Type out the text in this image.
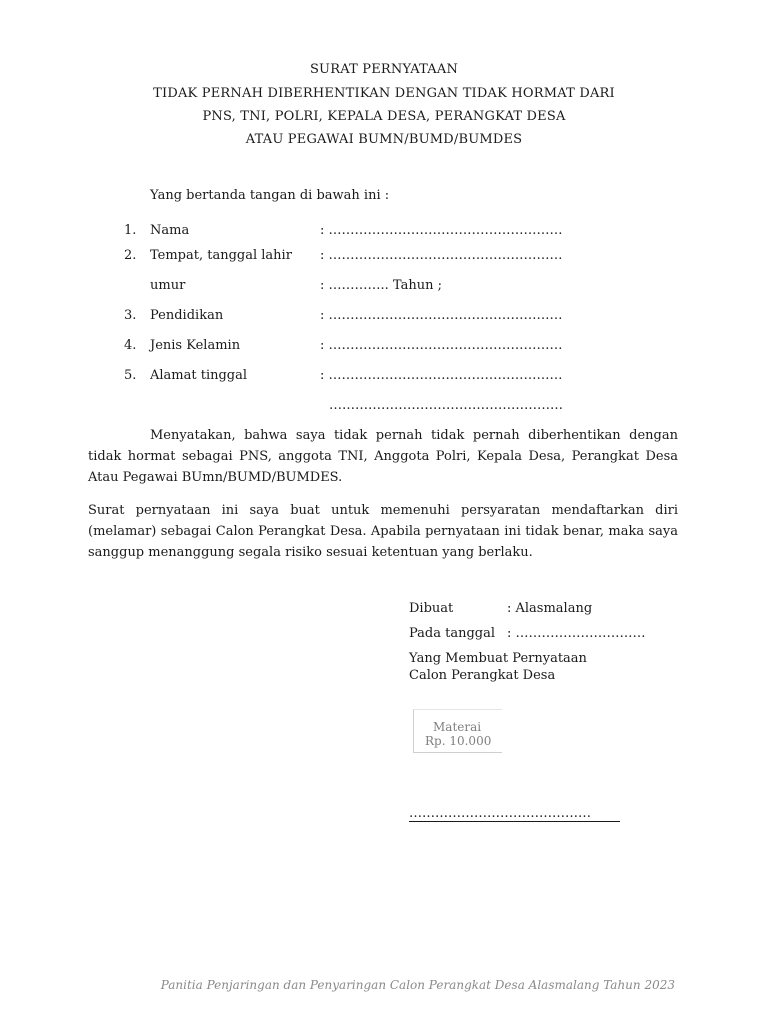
SURAT PERNYATAAN
TIDAK PERNAH DIBERHENTIKAN DENGAN TIDAK HORMAT DARI
PNS, TNI, POLRI, KEPALA DESA, PERANGKAT DESA
ATAU PEGAWAI BUMN/BUMD/BUMDES
Yang bertanda tangan di bawah ini :
1. Nama	: ………………………………………………
2. Tempat, tanggal lahir : ………………………………………………
umur	: ………….. Tahun ;
3. Pendidikan	: ………………………………………………
4. Jenis Kelamin	: ………………………………………………
5. Alamat tinggal	: ………………………………………………
………………………………………………
Menyatakan, bahwa saya tidak pernah tidak pernah diberhentikan dengan tidak hormat sebagai PNS, anggota TNI, Anggota Polri, Kepala Desa, Perangkat Desa Atau Pegawai BUmn/BUMD/BUMDES.
Surat pernyataan ini saya buat untuk memenuhi persyaratan mendaftarkan diri (melamar) sebagai Calon Perangkat Desa. Apabila pernyataan ini tidak benar, maka saya sanggup menanggung segala risiko sesuai ketentuan yang berlaku.
Dibuat	: Alasmalang
Pada tanggal : …………………………
Yang Membuat Pernyataan
Calon Perangkat Desa
Materai
Rp. 10.000
……………………………………
Panitia Penjaringan dan Penyaringan Calon Perangkat Desa Alasmalang Tahun 2023
